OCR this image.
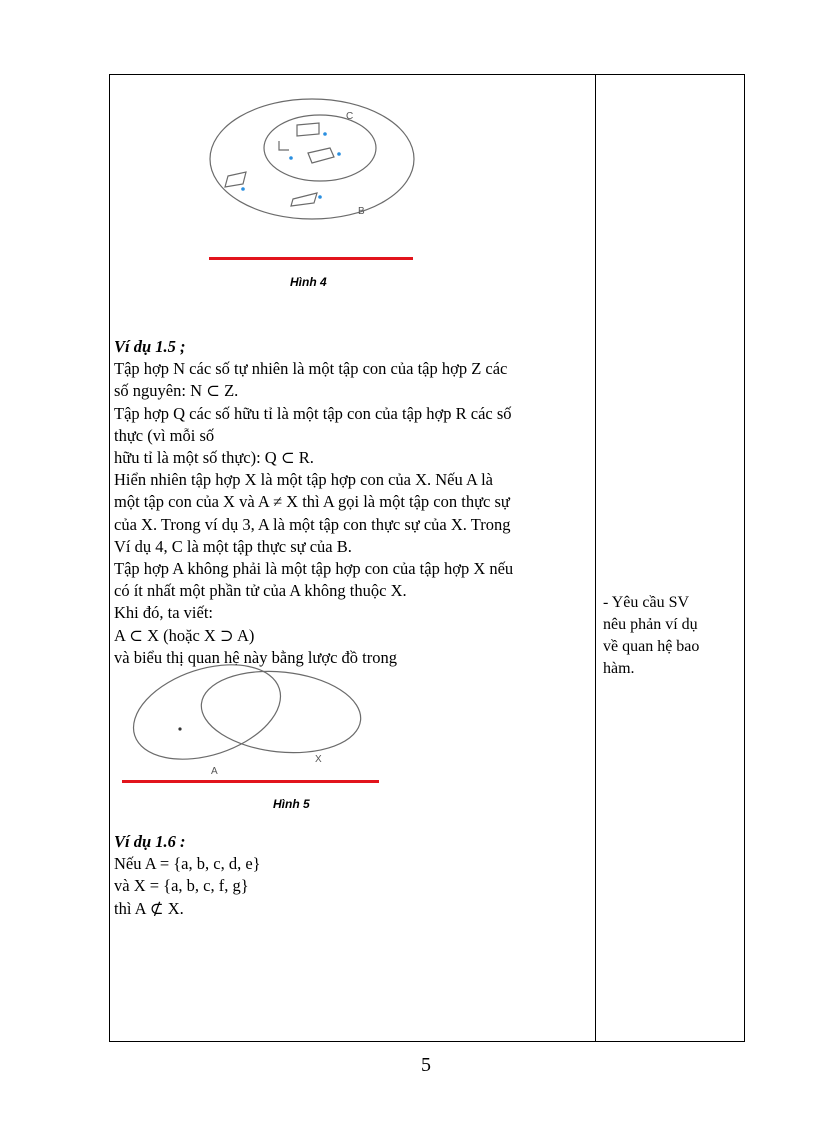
C
B
Hình 4
Ví dụ 1.5 ;
Tập hợp N các số tự nhiên là một tập con của tập hợp Z các
số nguyên: N ⊂ Z.
Tập hợp Q các số hữu tỉ là một tập con của tập hợp R các số
thực (vì mỗi số
hữu tỉ là một số thực): Q ⊂ R.
Hiển nhiên tập hợp X là một tập hợp con của X. Nếu A là
một tập con của X và A ≠ X thì A gọi là một tập con thực sự
của X. Trong ví dụ 3, A là một tập con thực sự của X. Trong
Ví dụ 4, C là một tập thực sự của B.
Tập hợp A không phải là một tập hợp con của tập hợp X nếu
có ít nhất một phần tử của A không thuộc X.
Khi đó, ta viết:
A ⊂ X (hoặc X ⊃ A)
và biểu thị quan hệ này bằng lược đồ trong
A
X
Hình 5
Ví dụ 1.6 :
Nếu A = {a, b, c, d, e}
và X = {a, b, c, f, g}
thì A ⊄ X.
- Yêu cầu SV
nêu phản ví dụ
về quan hệ bao
hàm.
5
